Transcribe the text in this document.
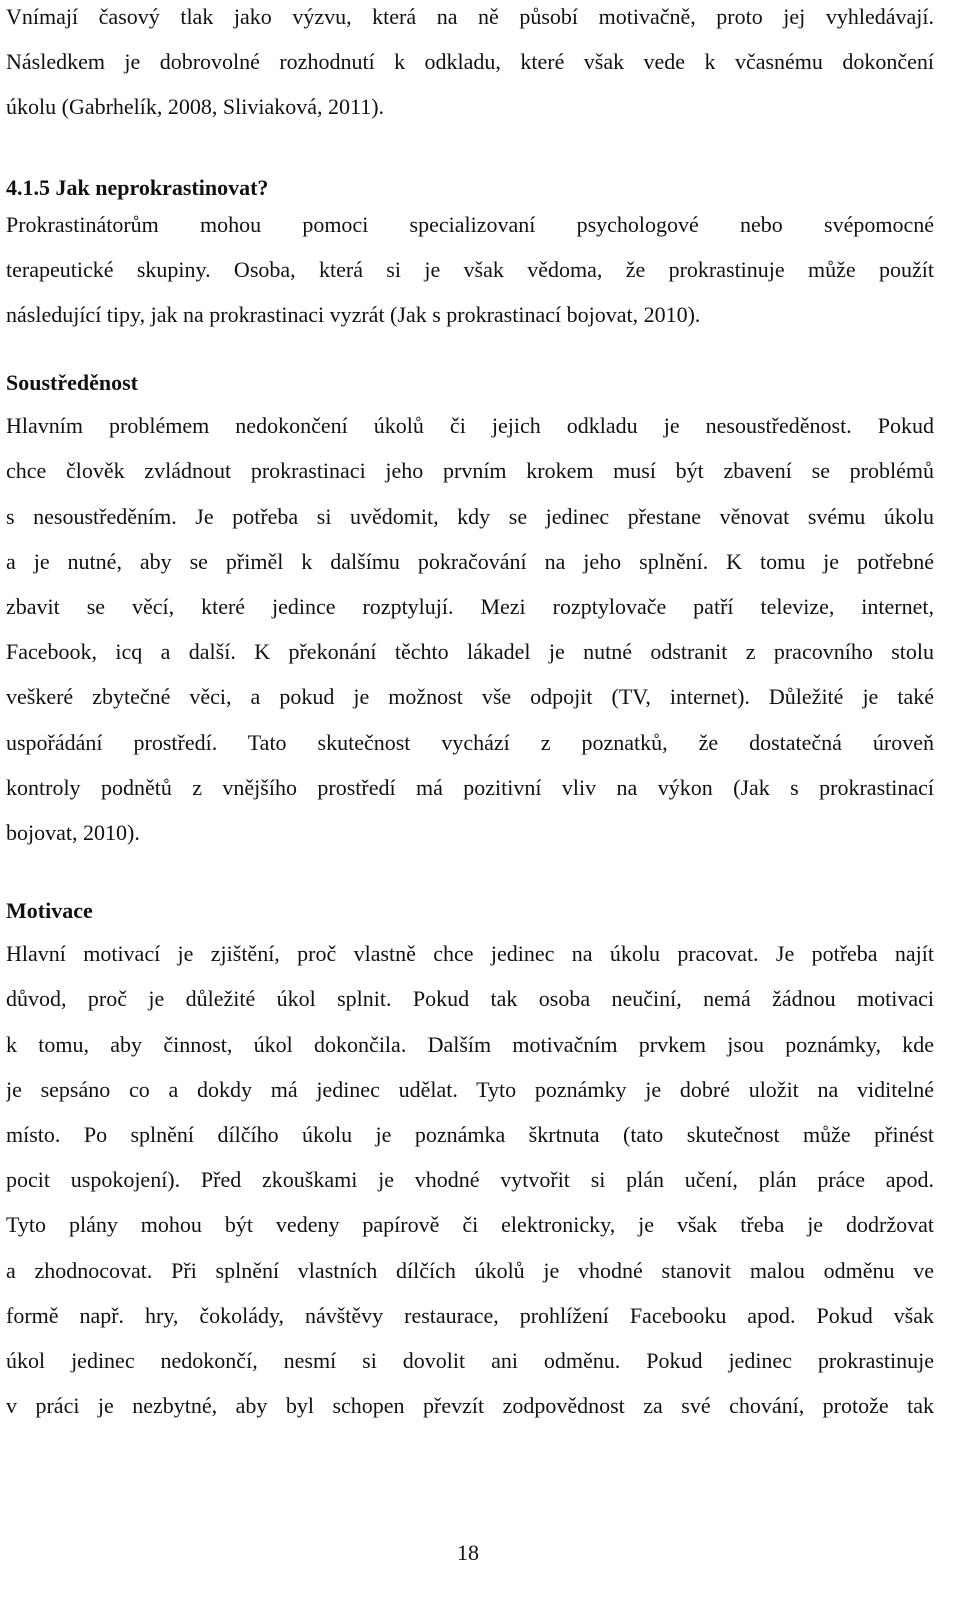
Vnímají časový tlak jako výzvu, která na ně působí motivačně, proto jej vyhledávají.
Následkem je dobrovolné rozhodnutí k odkladu, které však vede k včasnému dokončení
úkolu (Gabrhelík, 2008, Sliviaková, 2011).
4.1.5 Jak neprokrastinovat?
Prokrastinátorům mohou pomoci specializovaní psychologové nebo svépomocné
terapeutické skupiny. Osoba, která si je však vědoma, že prokrastinuje může použít
následující tipy, jak na prokrastinaci vyzrát (Jak s prokrastinací bojovat, 2010).
Soustředěnost
Hlavním problémem nedokončení úkolů či jejich odkladu je nesoustředěnost. Pokud
chce člověk zvládnout prokrastinaci jeho prvním krokem musí být zbavení se problémů
s nesoustředěním. Je potřeba si uvědomit, kdy se jedinec přestane věnovat svému úkolu
a je nutné, aby se přiměl k dalšímu pokračování na jeho splnění. K tomu je potřebné
zbavit se věcí, které jedince rozptylují. Mezi rozptylovače patří televize, internet,
Facebook, icq a další. K překonání těchto lákadel je nutné odstranit z pracovního stolu
veškeré zbytečné věci, a pokud je možnost vše odpojit (TV, internet). Důležité je také
uspořádání prostředí. Tato skutečnost vychází z poznatků, že dostatečná úroveň
kontroly podnětů z vnějšího prostředí má pozitivní vliv na výkon (Jak s prokrastinací
bojovat, 2010).
Motivace
Hlavní motivací je zjištění, proč vlastně chce jedinec na úkolu pracovat. Je potřeba najít
důvod, proč je důležité úkol splnit. Pokud tak osoba neučiní, nemá žádnou motivaci
k tomu, aby činnost, úkol dokončila. Dalším motivačním prvkem jsou poznámky, kde
je sepsáno co a dokdy má jedinec udělat. Tyto poznámky je dobré uložit na viditelné
místo. Po splnění dílčího úkolu je poznámka škrtnuta (tato skutečnost může přinést
pocit uspokojení). Před zkouškami je vhodné vytvořit si plán učení, plán práce apod.
Tyto plány mohou být vedeny papírově či elektronicky, je však třeba je dodržovat
a zhodnocovat. Při splnění vlastních dílčích úkolů je vhodné stanovit malou odměnu ve
formě např. hry, čokolády, návštěvy restaurace, prohlížení Facebooku apod. Pokud však
úkol jedinec nedokončí, nesmí si dovolit ani odměnu. Pokud jedinec prokrastinuje
v práci je nezbytné, aby byl schopen převzít zodpovědnost za své chování, protože tak
18
